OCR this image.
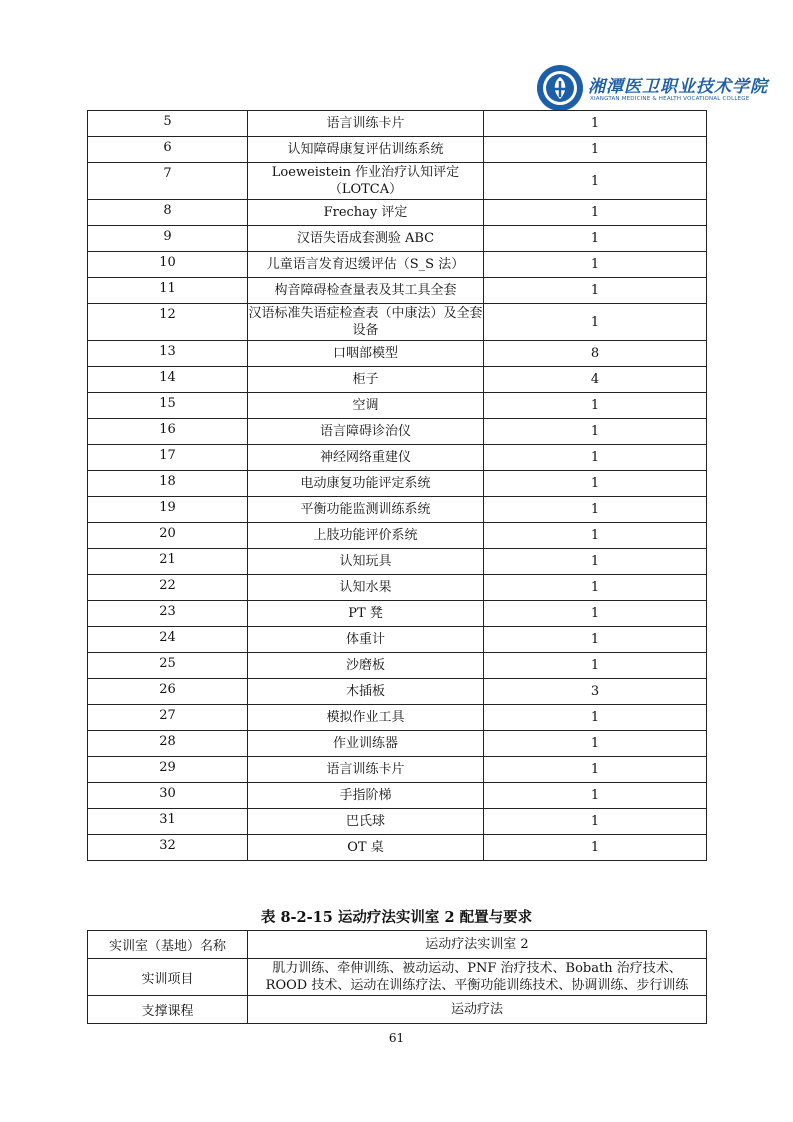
湘潭医卫职业技术学院
XIANGTAN MEDICINE & HEALTH VOCATIONAL COLLEGE
5	语言训练卡片	1
6	认知障碍康复评估训练系统	1
7	Loeweistein 作业治疗认知评定（LOTCA）	1
8	Frechay 评定	1
9	汉语失语成套测验 ABC	1
10	儿童语言发育迟缓评估（S_S 法）	1
11	构音障碍检查量表及其工具全套	1
12	汉语标准失语症检查表（中康法）及全套设备	1
13	口咽部模型	8
14	柜子	4
15	空调	1
16	语言障碍诊治仪	1
17	神经网络重建仪	1
18	电动康复功能评定系统	1
19	平衡功能监测训练系统	1
20	上肢功能评价系统	1
21	认知玩具	1
22	认知水果	1
23	PT 凳	1
24	体重计	1
25	沙磨板	1
26	木插板	3
27	模拟作业工具	1
28	作业训练器	1
29	语言训练卡片	1
30	手指阶梯	1
31	巴氏球	1
32	OT 桌	1
表 8-2-15 运动疗法实训室 2 配置与要求
实训室（基地）名称	运动疗法实训室 2
实训项目	肌力训练、牵伸训练、被动运动、PNF 治疗技术、Bobath 治疗技术、ROOD 技术、运动在训练疗法、平衡功能训练技术、协调训练、步行训练
支撑课程	运动疗法
61
